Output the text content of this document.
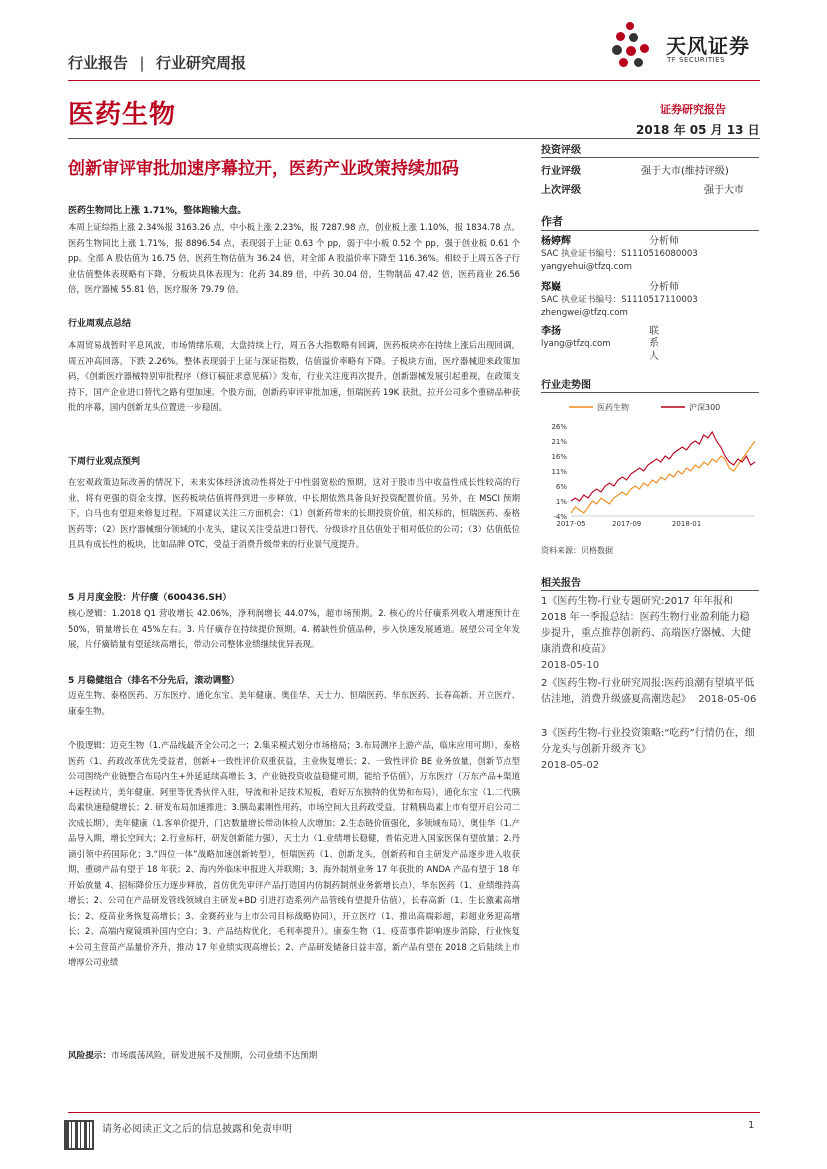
行业报告 | 行业研究周报
天风证券
TF SECURITIES
医药生物	证券研究报告
2018 年 05 月 13 日
创新审评审批加速序幕拉开，医药产业政策持续加码
投资评级
行业评级	强于大市(维持评级)
上次评级	强于大市
作者
杨婷辉	分析师

SAC 执业证书编号：S1110516080003
yangyehui@tfzq.com
郑嶷	分析师

SAC 执业证书编号：S1110517110003
zhengwei@tfzq.com
李扬	联系人

lyang@tfzq.com
行业走势图
医药生物	沪深300
26%
21%
16%
11%
6%
1%
-4%
2017-05	2017-09	2018-01
资料来源：贝格数据
相关报告
1《医药生物-行业专题研究:2017 年年报和 2018 年一季报总结：医药生物行业盈利能力稳步提升，重点推荐创新药、高端医疗器械、大健康消费和疫苗》
2018-05-10
2《医药生物-行业研究周报:医药浪潮有望填平低估洼地，消费升级盛夏高潮迭起》 2018-05-06
3《医药生物-行业投资策略:“吃药”行情仍在，细分龙头与创新升级齐飞》
2018-05-02
医药生物同比上涨 1.71%，整体跑输大盘。
本周上证综指上涨 2.34%报 3163.26 点，中小板上涨 2.23%，报 7287.98 点，创业板上涨 1.10%，报 1834.78 点。医药生物同比上涨 1.71%，报 8896.54 点，表现弱于上证 0.63 个 pp，弱于中小板 0.52 个 pp，强于创业板 0.61 个 pp。全部 A 股估值为 16.75 倍，医药生物估值为 36.24 倍，对全部 A 股溢价率下降至 116.36%。相较于上周五各子行业估值整体表现略有下降，分板块具体表现为：化药 34.89 倍，中药 30.04 倍，生物制品 47.42 倍，医药商业 26.56 倍，医疗器械 55.81 倍，医疗服务 79.79 倍。
行业周观点总结
本周贸易战暂时平息风波，市场情绪乐观，大盘持续上行，周五各大指数略有回调，医药板块亦在持续上涨后出现回调，周五冲高回落，下跌 2.26%。整体表现弱于上证与深证指数，估值溢价率略有下降。子板块方面，医疗器械迎来政策加码，《创新医疗器械特别审批程序（修订稿征求意见稿）》发布，行业关注度再次提升，创新器械发展引起重视，在政策支持下，国产企业进口替代之路有望加速。个股方面，创新药审评审批加速，恒瑞医药 19K 获批，拉开公司多个重磅品种获批的序幕，国内创新龙头位置进一步稳固。
下周行业观点预判
在宏观政策边际改善的情况下，未来实体经济流动性将处于中性弱宽松的预期，这对于股市当中收益性成长性较高的行业，将有更强的资金支撑，医药板块估值将得到进一步释放，中长期依然具备良好投资配置价值。另外，在 MSCI 预期下，白马也有望迎来修复过程。下周建议关注三方面机会：（1）创新药带来的长期投资价值，相关标的，恒瑞医药、泰格医药等；（2）医疗器械细分领域的小龙头，建议关注受益进口替代、分级诊疗且估值处于相对低位的公司；（3）估值低位且具有成长性的板块，比如品牌 OTC，受益于消费升级带来的行业景气度提升。
5 月月度金股：片仔癀（600436.SH）
核心逻辑：1.2018 Q1 营收增长 42.06%，净利润增长 44.07%，超市场预期。2. 核心的片仔癀系列收入增速预计在 50%，销量增长在 45%左右。3. 片仔癀存在持续提价预期。4. 稀缺性价值品种，步入快速发展通道。展望公司全年发展，片仔癀销量有望延续高增长，带动公司整体业绩继续优异表现。
5 月稳健组合（排名不分先后，滚动调整）
迈克生物、泰格医药、万东医疗、通化东宝、美年健康、奥佳华、天士力、恒瑞医药、华东医药、长春高新、开立医疗、康泰生物。
个股逻辑：迈克生物（1.产品线最齐全公司之一；2.集采模式划分市场格局；3.布局测序上游产品，临床应用可期），泰格医药（1、药政改革优先受益者，创新+一致性评价双重获益，主业恢复增长；2、一致性评价 BE 业务放量，创新节点型公司围绕产业链整合布局内生+外延延续高增长 3、产业链投资收益稳健可期，能给予估值），万东医疗（万东产品+渠道+远程读片，美年健康、阿里等优秀伙伴入驻，导流和补足技术短板，看好万东独特的优势和布局），通化东宝（1.二代胰岛素快速稳健增长；2. 研发布局加速推进；3.胰岛素刚性用药，市场空间大且药政受益，甘精胰岛素上市有望开启公司二次成长期），美年健康（1.客单价提升，门店数量增长带动体检人次增加；2.生态链价值强化，多领域布局），奥佳华（1.产品导入期，增长空间大；2.行业标杆，研发创新能力强），天士力（1.业绩增长稳健，普佑克进入国家医保有望放量；2.丹滴引领中药国际化；3.“四位一体”战略加速创新转型），恒瑞医药（1、创新龙头，创新药和自主研发产品逐步进入收获期，重磅产品有望于 18 年获；2、海内外临床申报进入并联期；3、海外制剂业务 17 年获批的 ANDA 产品有望于 18 年开始放量 4、招标降价压力逐步释放，首仿优先审评产品打造国内仿制药制剂业务新增长点），华东医药（1、业绩维持高增长；2、公司在产品研发管线领域自主研发+BD 引进打造系列产品管线有望提升估值），长春高新（1、生长激素高增长；2、疫苗业务恢复高增长；3、金赛药业与上市公司目标战略协同），开立医疗（1、推出高端彩超，彩超业务迎高增长；2、高端内窥镜填补国内空白；3、产品结构优化，毛利率提升）。康泰生物（1、疫苗事件影响逐步消除，行业恢复+公司主营苗产品量价齐升，推动 17 年业绩实现高增长；2、产品研发储备日益丰富，新产品有望在 2018 之后陆续上市增厚公司业绩
风险提示：市场震荡风险，研发进展不及预期，公司业绩不达预期
请务必阅读正文之后的信息披露和免责申明	1
